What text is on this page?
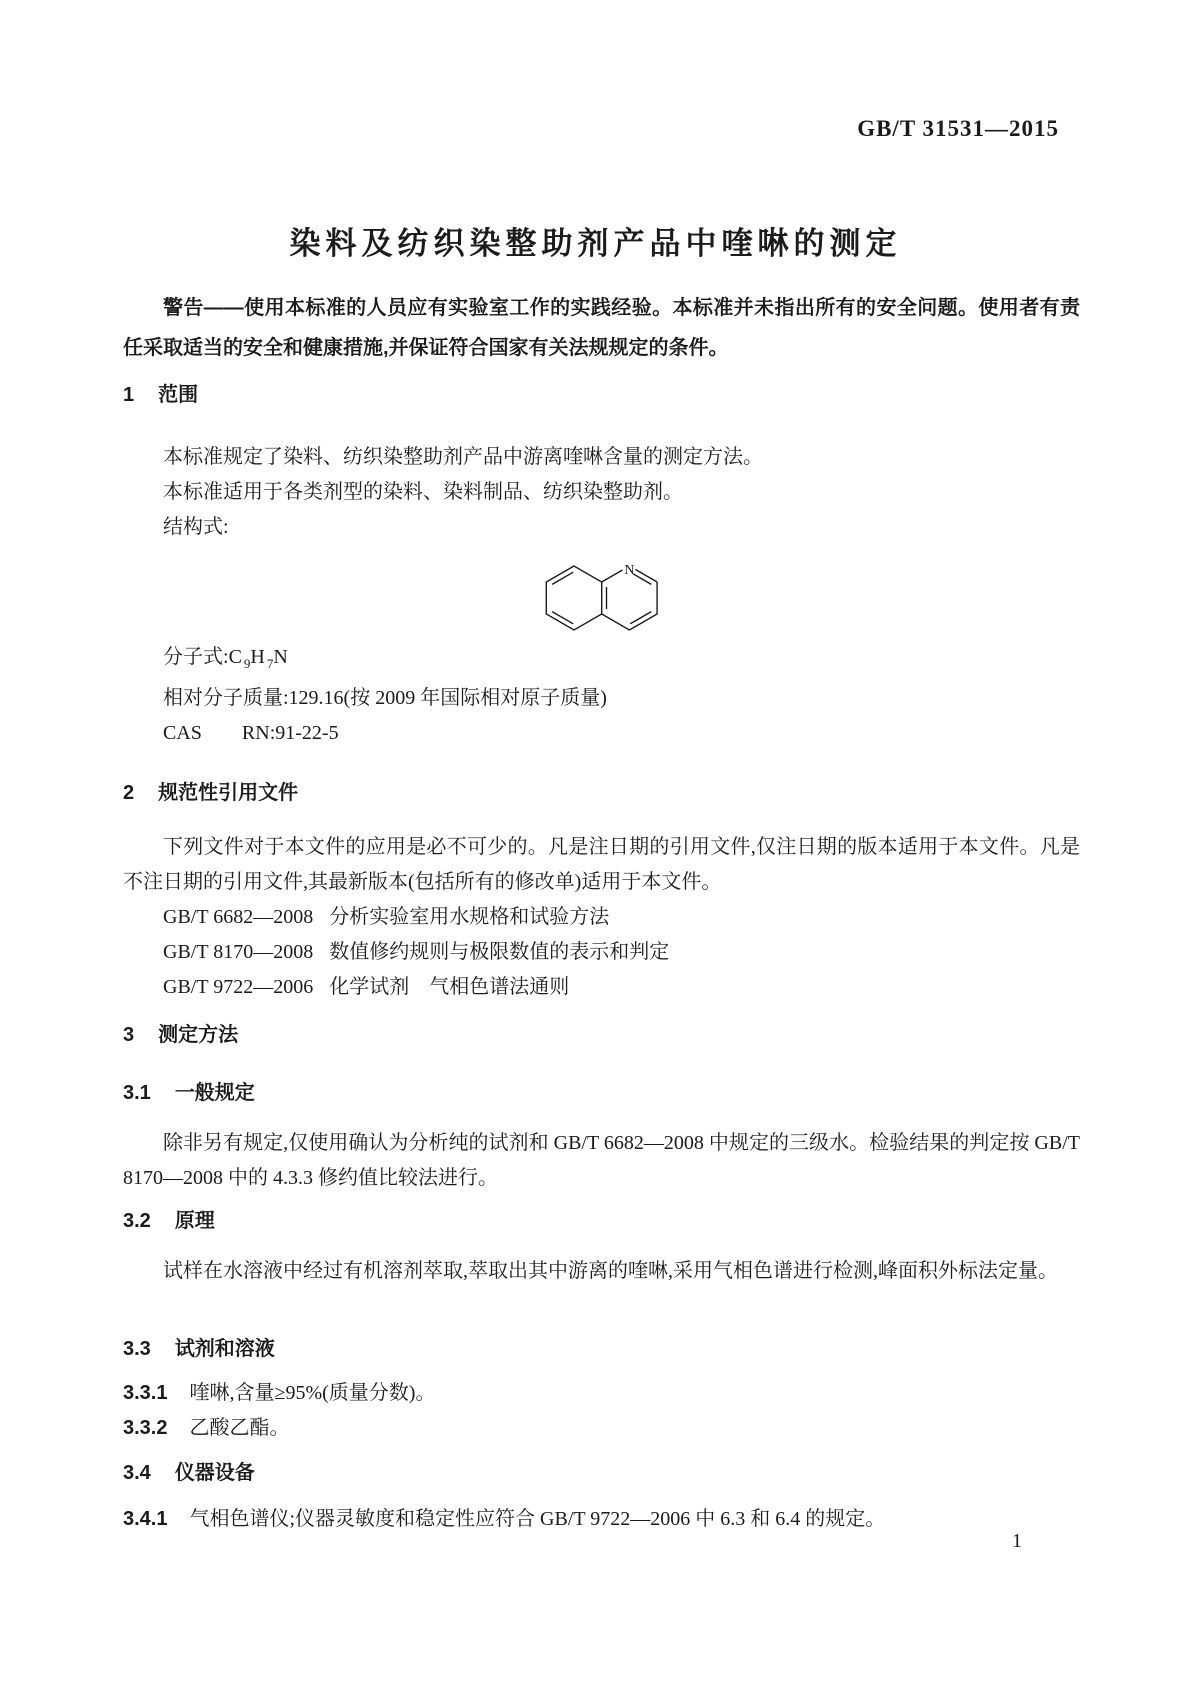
GB/T 31531—2015
染料及纺织染整助剂产品中喹啉的测定
警告——使用本标准的人员应有实验室工作的实践经验。本标准并未指出所有的安全问题。使用者有责任采取适当的安全和健康措施,并保证符合国家有关法规规定的条件。
1 范围
本标准规定了染料、纺织染整助剂产品中游离喹啉含量的测定方法。
本标准适用于各类剂型的染料、染料制品、纺织染整助剂。
结构式:
N
分子式$:C_9H_7N$
相对分子质量:129.16(按 2009 年国际相对原子质量)
CAS　　RN:91-22-5
2 规范性引用文件
下列文件对于本文件的应用是必不可少的。凡是注日期的引用文件,仅注日期的版本适用于本文件。凡是不注日期的引用文件,其最新版本(包括所有的修改单)适用于本文件。
GB/T 6682—2008 分析实验室用水规格和试验方法
GB/T 8170—2008 数值修约规则与极限数值的表示和判定
GB/T 9722—2006 化学试剂　气相色谱法通则
3 测定方法
3.1 一般规定
除非另有规定,仅使用确认为分析纯的试剂和 GB/T 6682—2008 中规定的三级水。检验结果的判定按 GB/T 8170—2008 中的 4.3.3 修约值比较法进行。
3.2 原理
试样在水溶液中经过有机溶剂萃取,萃取出其中游离的喹啉,采用气相色谱进行检测,峰面积外标法定量。
3.3 试剂和溶液
3.3.1 喹啉,含量≥95%(质量分数)。
3.3.2 乙酸乙酯。
3.4 仪器设备
3.4.1 气相色谱仪;仪器灵敏度和稳定性应符合 GB/T 9722—2006 中 6.3 和 6.4 的规定。
1
